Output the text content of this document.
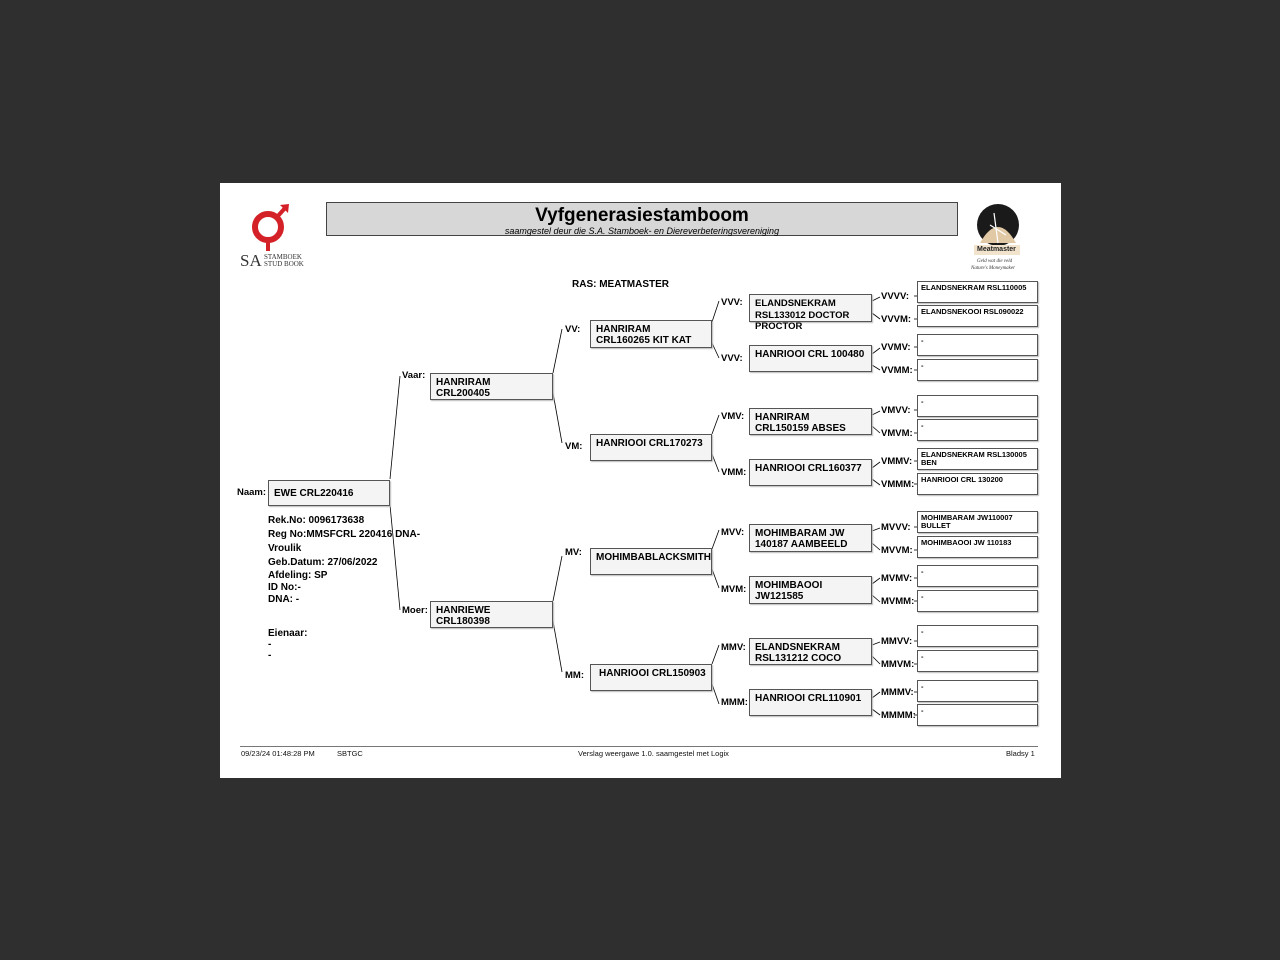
SA STAMBOEK
STUD BOOK
Vyfgenerasiestamboom
saamgestel deur die S.A. Stamboek- en Diereverbeteringsvereniging
Meatmaster
Geld wat die veld
Nature's Moneymaker
RAS: MEATMASTER
Naam: EWE CRL220416
Rek.No: 0096173638
Reg No:MMSFCRL 220416 DNA-
Vroulik
Geb.Datum: 27/06/2022
Afdeling: SP
ID No:-
DNA: -
Eienaar:
-
-
Vaar:
HANRIRAM CRL200405
Moer: HANRIEWE CRL180398
VV:	HANRIRAM CRL160265 KIT KAT
VM:	HANRIOOI CRL170273
MV:	MOHIMBABLACKSMITH
MM:	HANRIOOI CRL150903
VVV:	ELANDSNEKRAM RSL133012 DOCTOR PROCTOR
VVV:	HANRIOOI CRL 100480
VMV:	HANRIRAM CRL150159 ABSES
VMM: HANRIOOI CRL160377
MVV:	MOHIMBARAM JW 140187 AAMBEELD
MVM: MOHIMBAOOI JW121585
MMV: ELANDSNEKRAM RSL131212 COCO
MMM: HANRIOOI CRL110901
VVVV:
ELANDSNEKRAM RSL110005
VVVM:
ELANDSNEKOOI RSL090022
VVMV:
-
VVMM:	-
VMVV:
-
VMVM:
-
VMMV:
ELANDSNEKRAM RSL130005 BEN
VMMM: HANRIOOI CRL 130200
MVVV:
MOHIMBARAM JW110007 BULLET
MVVM:
MOHIMBAOOI JW 110183
MVMV:
-
MVMM: -
MMVV:
-
MMVM:
-
MMMV:
-
MMMM: -
09/23/24 01:48:28 PM	SBTGC	Verslag weergawe 1.0. saamgestel met Logix	Bladsy 1
